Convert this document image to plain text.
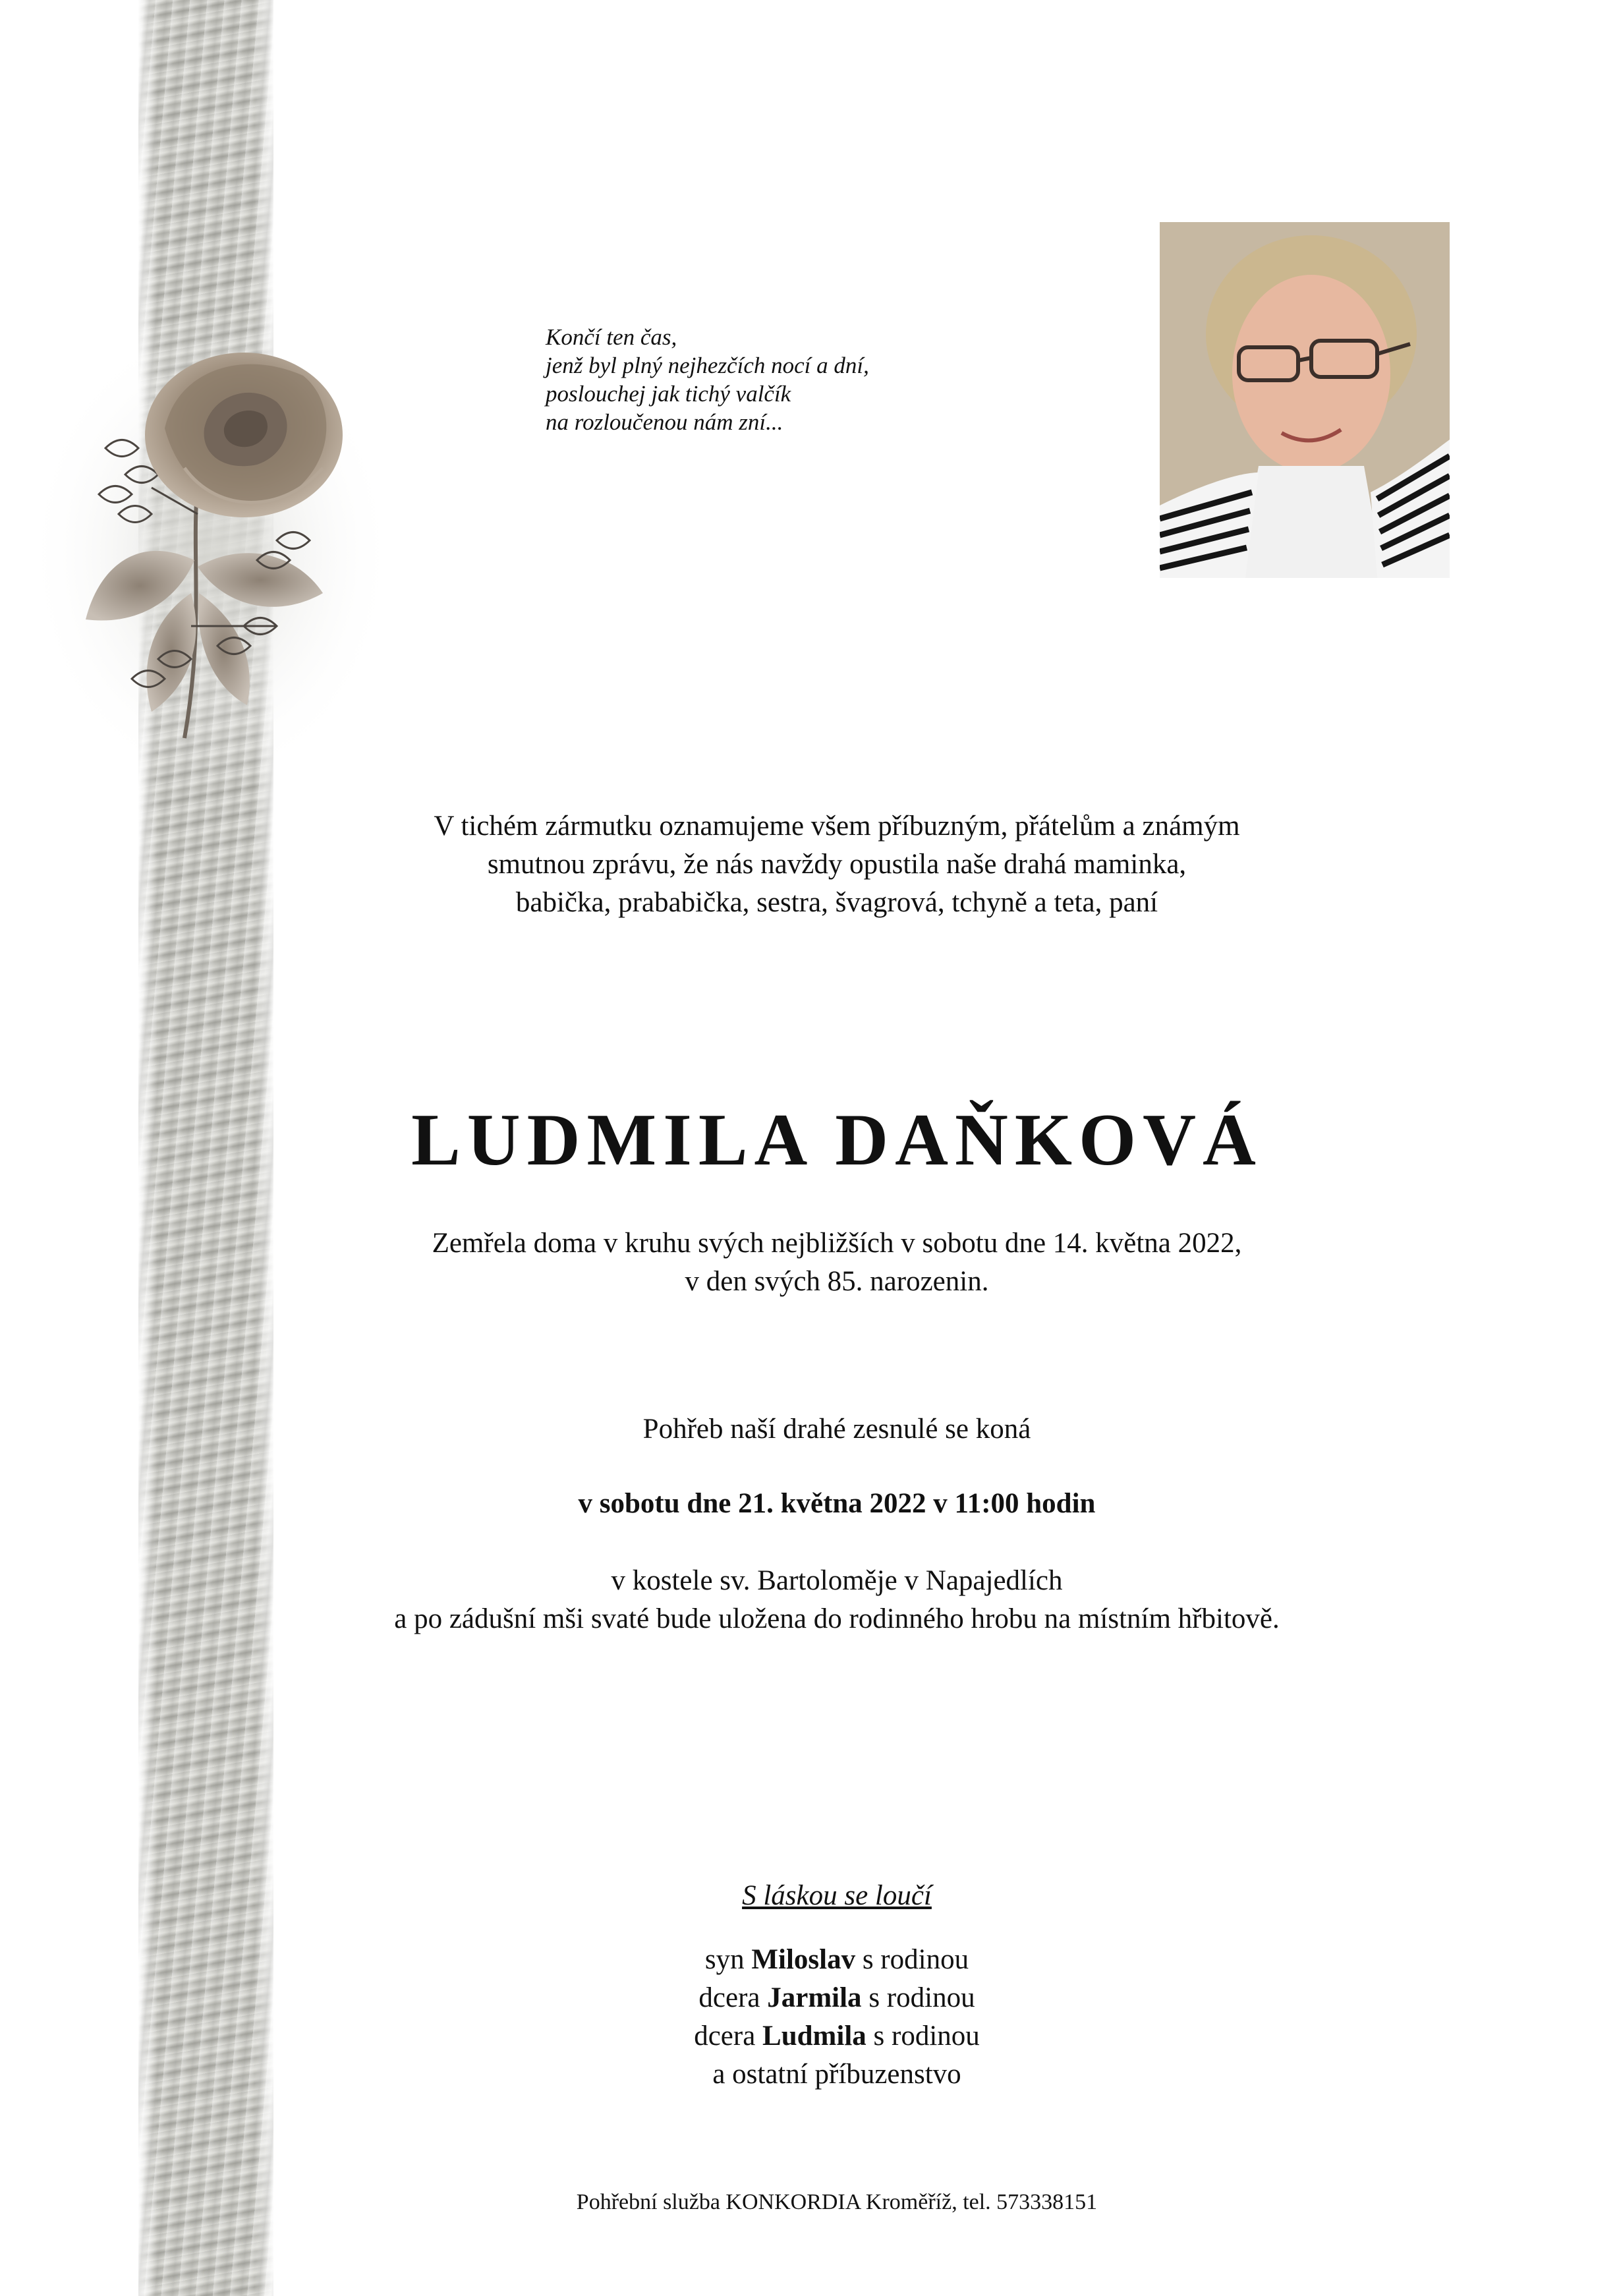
Končí ten čas,
jenž byl plný nejhezčích nocí a dní,
poslouchej jak tichý valčík
na rozloučenou nám zní...
V tichém zármutku oznamujeme všem příbuzným, přátelům a známým
smutnou zprávu, že nás navždy opustila naše drahá maminka,
babička, prababička, sestra, švagrová, tchyně a teta, paní
LUDMILA DAŇKOVÁ
Zemřela doma v kruhu svých nejbližších v sobotu dne 14. května 2022,
v den svých 85. narozenin.
Pohřeb naší drahé zesnulé se koná
v sobotu dne 21. května 2022 v 11:00 hodin
v kostele sv. Bartoloměje v Napajedlích
a po zádušní mši svaté bude uložena do rodinného hrobu na místním hřbitově.
S láskou se loučí
syn Miloslav s rodinou
dcera Jarmila s rodinou
dcera Ludmila s rodinou
a ostatní příbuzenstvo
Pohřební služba KONKORDIA Kroměříž, tel. 573338151
